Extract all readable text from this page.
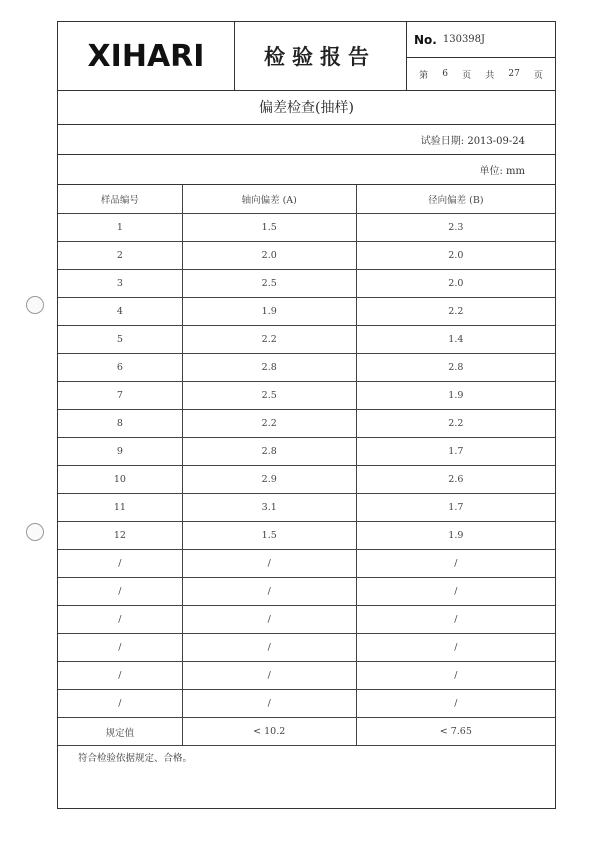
XIHARI	检验报告
No. 130398J
第 6 页 共 27 页
偏差检查(抽样)
试验日期: 2013-09-24
单位: mm
样品编号	轴向偏差 (A)	径向偏差 (B)
1	1.5	2.3
2	2.0	2.0
3	2.5	2.0
4	1.9	2.2
5	2.2	1.4
6	2.8	2.8
7	2.5	1.9
8	2.2	2.2
9	2.8	1.7
10	2.9	2.6
11	3.1	1.7
12	1.5	1.9
/	/	/
/	/	/
/	/	/
/	/	/
/	/	/
/	/	/
规定值	< 10.2	< 7.65
符合检验依据规定、合格。
